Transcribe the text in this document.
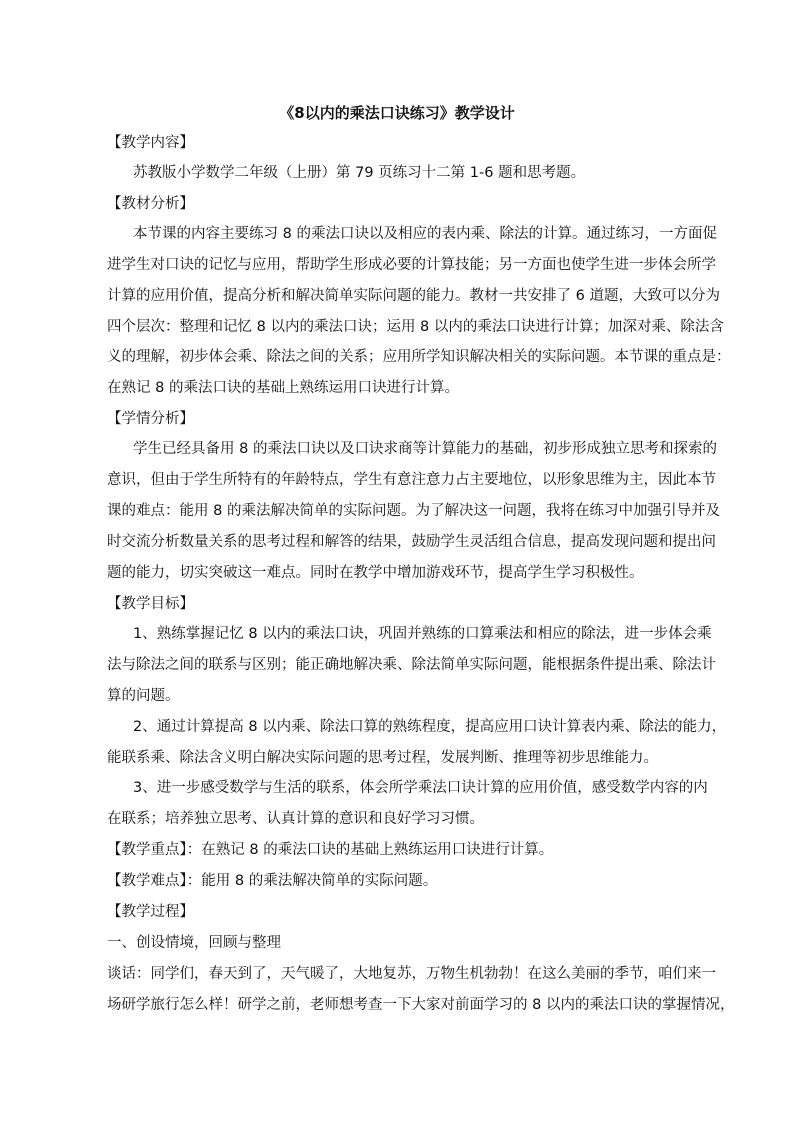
《8以内的乘法口诀练习》教学设计
【教学内容】
苏教版小学数学二年级（上册）第 79 页练习十二第 1-6 题和思考题。
【教材分析】
本节课的内容主要练习 8 的乘法口诀以及相应的表内乘、除法的计算。通过练习，一方面促
进学生对口诀的记忆与应用，帮助学生形成必要的计算技能；另一方面也使学生进一步体会所学
计算的应用价值，提高分析和解决简单实际问题的能力。教材一共安排了 6 道题，大致可以分为
四个层次：整理和记忆 8 以内的乘法口诀；运用 8 以内的乘法口诀进行计算；加深对乘、除法含
义的理解，初步体会乘、除法之间的关系；应用所学知识解决相关的实际问题。本节课的重点是：
在熟记 8 的乘法口诀的基础上熟练运用口诀进行计算。
【学情分析】
学生已经具备用 8 的乘法口诀以及口诀求商等计算能力的基础，初步形成独立思考和探索的
意识，但由于学生所特有的年龄特点，学生有意注意力占主要地位，以形象思维为主，因此本节
课的难点：能用 8 的乘法解决简单的实际问题。为了解决这一问题，我将在练习中加强引导并及
时交流分析数量关系的思考过程和解答的结果，鼓励学生灵活组合信息，提高发现问题和提出问
题的能力，切实突破这一难点。同时在教学中增加游戏环节，提高学生学习积极性。
【教学目标】
1、熟练掌握记忆 8 以内的乘法口诀，巩固并熟练的口算乘法和相应的除法，进一步体会乘
法与除法之间的联系与区别；能正确地解决乘、除法简单实际问题，能根据条件提出乘、除法计
算的问题。
2、通过计算提高 8 以内乘、除法口算的熟练程度，提高应用口诀计算表内乘、除法的能力，
能联系乘、除法含义明白解决实际问题的思考过程，发展判断、推理等初步思维能力。
3、进一步感受数学与生活的联系，体会所学乘法口诀计算的应用价值，感受数学内容的内
在联系；培养独立思考、认真计算的意识和良好学习习惯。
【教学重点】：在熟记 8 的乘法口诀的基础上熟练运用口诀进行计算。
【教学难点】：能用 8 的乘法解决简单的实际问题。
【教学过程】
一、创设情境，回顾与整理
谈话：同学们，春天到了，天气暖了，大地复苏，万物生机勃勃！在这么美丽的季节，咱们来一
场研学旅行怎么样！研学之前，老师想考查一下大家对前面学习的 8 以内的乘法口诀的掌握情况，
